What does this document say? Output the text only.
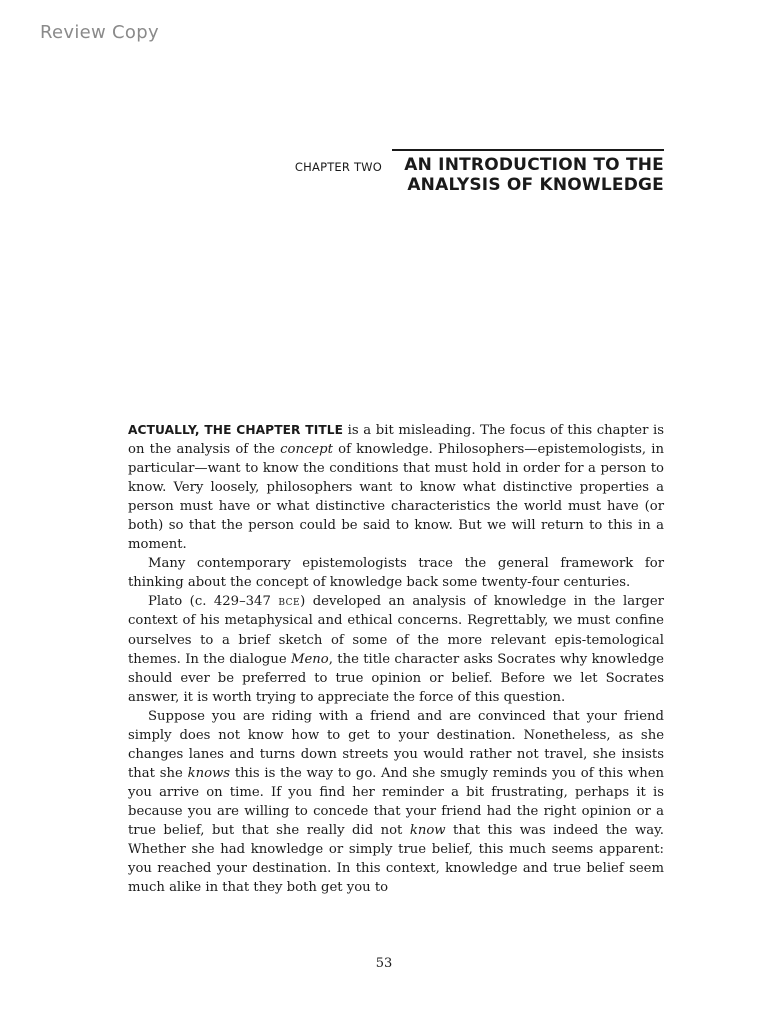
Review Copy
CHAPTER TWO	AN INTRODUCTION TO THE
ANALYSIS OF KNOWLEDGE

ACTUALLY, THE CHAPTER TITLE is a bit misleading. The focus of this chapter is on the analysis of the concept of knowledge. Philosophers—epistemologists, in particular—want to know the conditions that must hold in order for a person to know. Very loosely, philosophers want to know what distinctive properties a person must have or what distinctive characteristics the world must have (or both) so that the person could be said to know. But we will return to this in a moment.

Many contemporary epistemologists trace the general framework for thinking about the concept of knowledge back some twenty-four centuries.

Plato (c. 429–347 bce) developed an analysis of knowledge in the larger context of his metaphysical and ethical concerns. Regrettably, we must confine ourselves to a brief sketch of some of the more relevant epis-temological themes. In the dialogue Meno, the title character asks Socrates why knowledge should ever be preferred to true opinion or belief. Before we let Socrates answer, it is worth trying to appreciate the force of this question.

Suppose you are riding with a friend and are convinced that your friend simply does not know how to get to your destination. Nonetheless, as she changes lanes and turns down streets you would rather not travel, she insists that she knows this is the way to go. And she smugly reminds you of this when you arrive on time. If you find her reminder a bit frustrating, perhaps it is because you are willing to concede that your friend had the right opinion or a true belief, but that she really did not know that this was indeed the way. Whether she had knowledge or simply true belief, this much seems apparent: you reached your destination. In this context, knowledge and true belief seem much alike in that they both get you to

53
